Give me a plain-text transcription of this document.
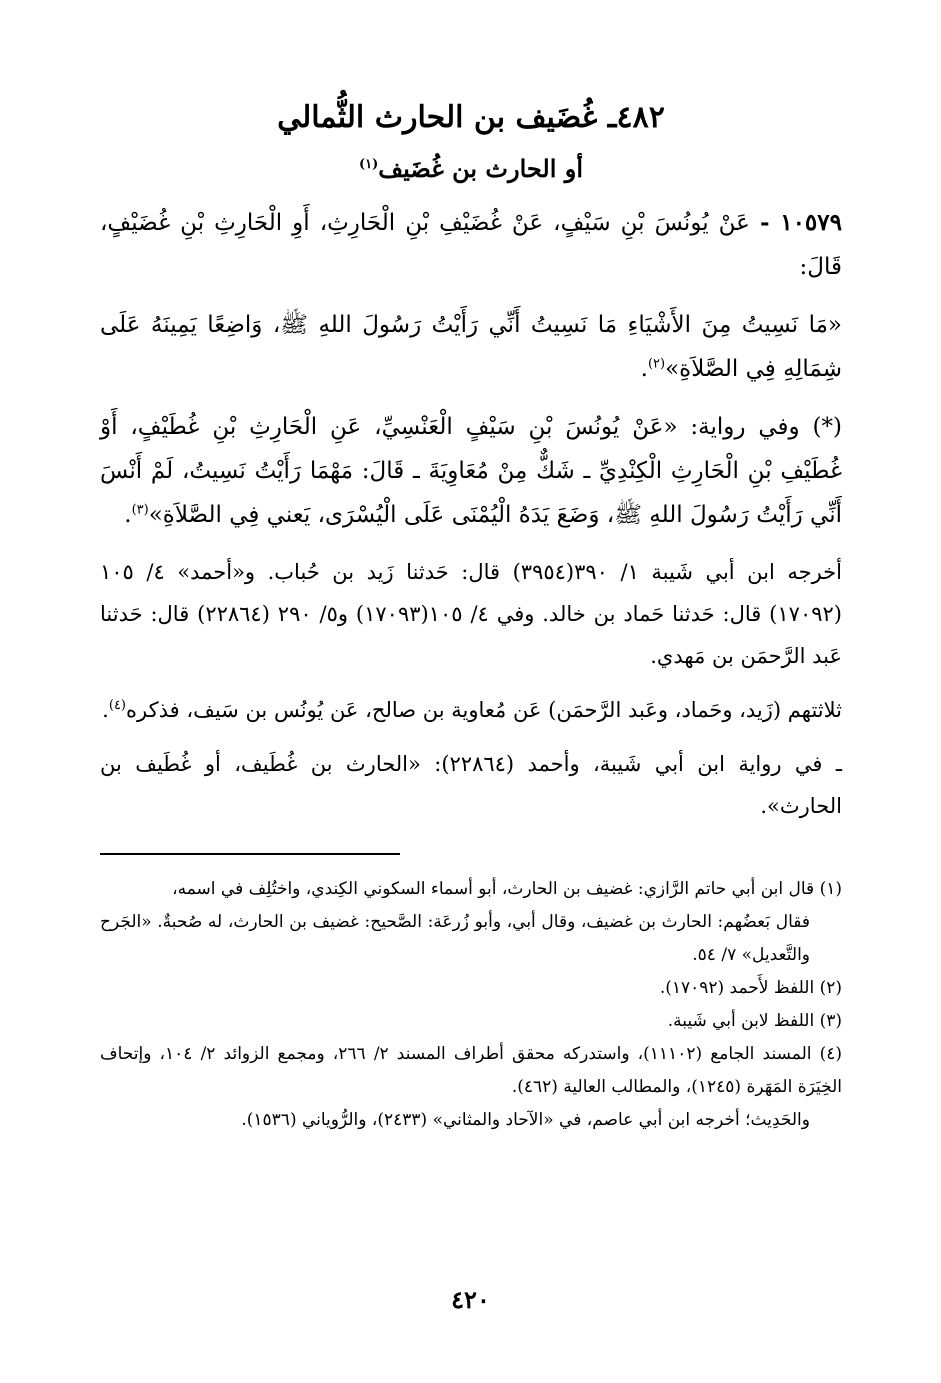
٤٨٢ـ غُضَيف بن الحارث الثُّمالي
أو الحارث بن غُضَيف$^{(١)}$

١٠٥٧٩ - عَنْ يُونُسَ بْنِ سَيْفٍ، عَنْ غُضَيْفِ بْنِ الْحَارِثِ، أَوِ الْحَارِثِ بْنِ غُضَيْفٍ، قَالَ:

«مَا نَسِيتُ مِنَ الأَشْيَاءِ مَا نَسِيتُ أَنِّي رَأَيْتُ رَسُولَ اللهِ ﷺ، وَاضِعًا يَمِينَهُ عَلَى شِمَالِهِ فِي الصَّلاَةِ»$^{(٢)}$.

(*) وفي رواية: «عَنْ يُونُسَ بْنِ سَيْفٍ الْعَنْسِيِّ، عَنِ الْحَارِثِ بْنِ غُطَيْفٍ، أَوْ غُطَيْفِ بْنِ الْحَارِثِ الْكِنْدِيِّ ـ شَكٌّ مِنْ مُعَاوِيَةَ ـ قَالَ: مَهْمَا رَأَيْتُ نَسِيتُ، لَمْ أَنْسَ أَنِّي رَأَيْتُ رَسُولَ اللهِ ﷺ، وَضَعَ يَدَهُ الْيُمْنَى عَلَى الْيُسْرَى، يَعني فِي الصَّلاَةِ»$^{(٣)}$.

أخرجه ابن أبي شَيبة ١/ ٣٩٠(٣٩٥٤) قال: حَدثنا زَيد بن حُباب. و«أحمد» ٤/ ١٠٥ (١٧٠٩٢) قال: حَدثنا حَماد بن خالد. وفي ٤/ ١٠٥(١٧٠٩٣) و٥/ ٢٩٠ (٢٢٨٦٤) قال: حَدثنا عَبد الرَّحمَن بن مَهدي.

ثلاثتهم (زَيد، وحَماد، وعَبد الرَّحمَن) عَن مُعاوية بن صالح، عَن يُونُس بن سَيف، فذكره$^{(٤)}$.

ـ في رواية ابن أبي شَيبة، وأحمد (٢٢٨٦٤): «الحارث بن غُطَيف، أو غُطَيف بن الحارث».

(١) قال ابن أبي حاتم الرَّازي: غضيف بن الحارث، أبو أسماء السكوني الكِندي، واختُلِف في اسمه،

فقال بَعضُهم: الحارث بن غضيف، وقال أبي، وأبو زُرعَة: الصَّحيح: غضيف بن الحارث، له صُحبةٌ. «الجَرح والتَّعديل» ٧/ ٥٤.

(٢) اللفظ لأَحمد (١٧٠٩٢).

(٣) اللفظ لابن أبي شَيبة.

(٤) المسند الجامع (١١١٠٢)، واستدركه محقق أطراف المسند ٢/ ٢٦٦، ومجمع الزوائد ٢/ ١٠٤، وإتحاف الخِيَرَة المَهَرة (١٢٤٥)، والمطالب العالية (٤٦٢).

والحَدِيث؛ أخرجه ابن أبي عاصم، في «الآحاد والمثاني» (٢٤٣٣)، والرُّوياني (١٥٣٦).

٤٢٠
